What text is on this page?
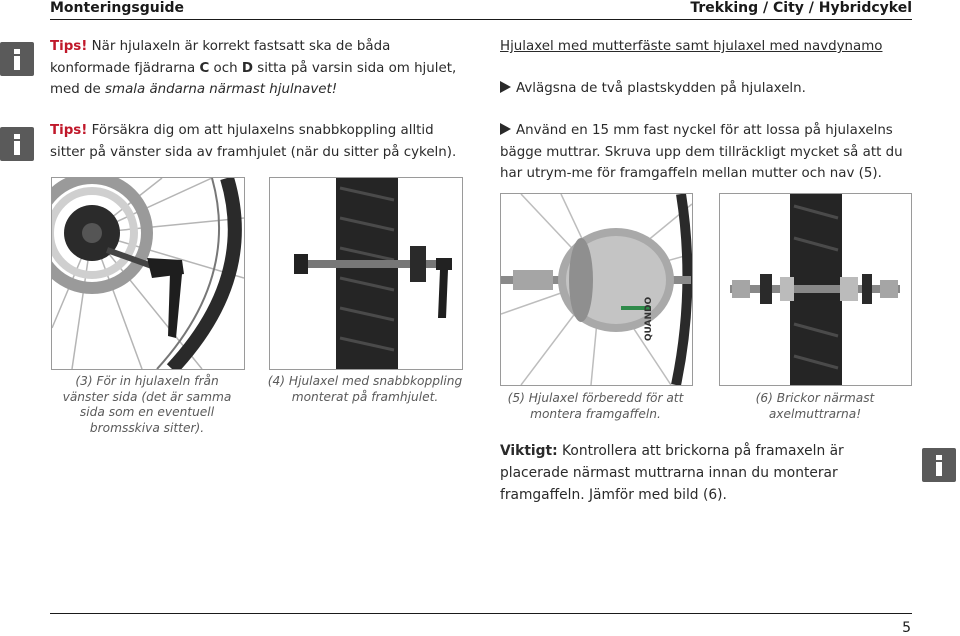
Monteringsguide	Trekking / City / Hybridcykel
Tips! När hjulaxeln är korrekt fastsatt ska de båda konformade fjädrarna C och D sitta på varsin sida om hjulet, med de smala ändarna närmast hjulnavet!
Tips! Försäkra dig om att hjulaxelns snabbkoppling alltid sitter på vänster sida av framhjulet (när du sitter på cykeln).
Hjulaxel med mutterfäste samt hjulaxel med navdynamo
Avlägsna de två plastskydden på hjulaxeln.
Använd en 15 mm fast nyckel för att lossa på hjulaxelns bägge muttrar. Skruva upp dem tillräckligt mycket så att du har utrym-me för framgaffeln mellan mutter och nav (5).
QUANDO
(3) För in hjulaxeln från vänster sida (det är samma sida som en eventuell bromsskiva sitter).
(4) Hjulaxel med snabbkoppling monterat på framhjulet.	(5) Hjulaxel förberedd för att montera framgaffeln.
(6) Brickor närmast axelmuttrarna!
Viktigt: Kontrollera att brickorna på framaxeln är placerade närmast muttrarna innan du monterar framgaffeln. Jämför med bild (6).
5
